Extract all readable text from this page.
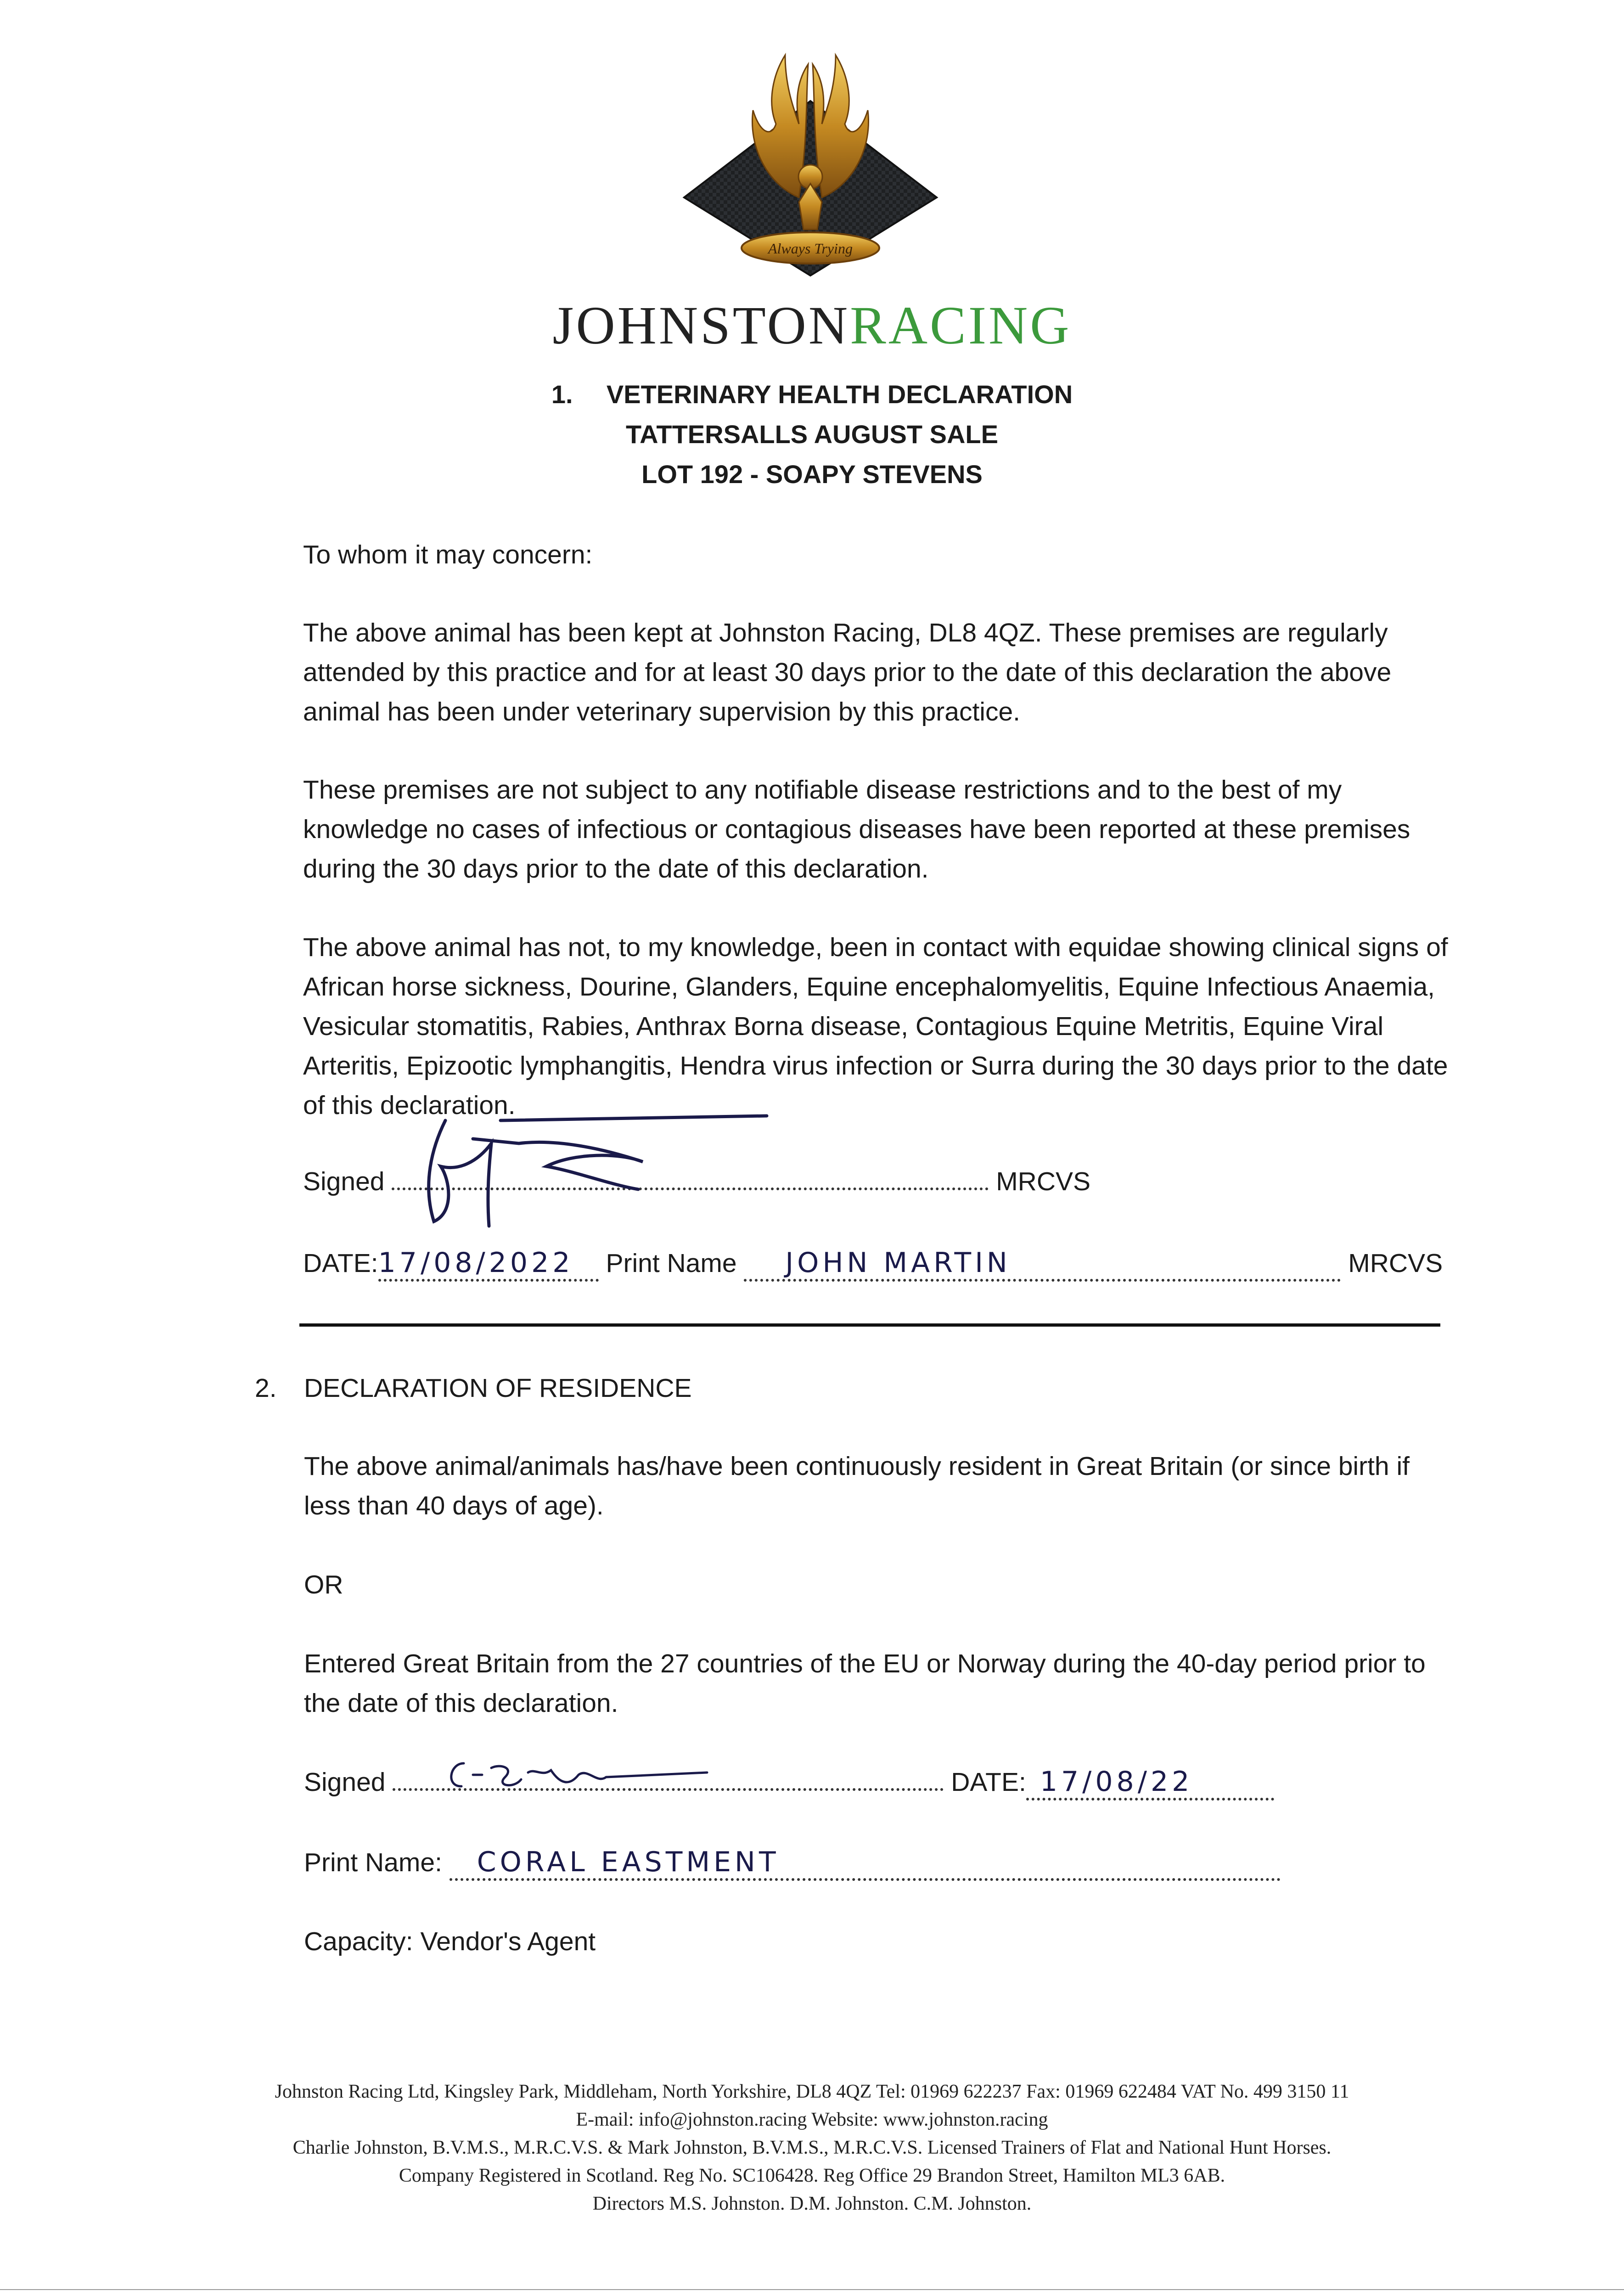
Always Trying
JOHNSTONRACING
1. VETERINARY HEALTH DECLARATION
TATTERSALLS AUGUST SALE
LOT 192 - SOAPY STEVENS
To whom it may concern:
The above animal has been kept at Johnston Racing, DL8 4QZ. These premises are regularly attended by this practice and for at least 30 days prior to the date of this declaration the above animal has been under veterinary supervision by this practice.
These premises are not subject to any notifiable disease restrictions and to the best of my knowledge no cases of infectious or contagious diseases have been reported at these premises during the 30 days prior to the date of this declaration.
The above animal has not, to my knowledge, been in contact with equidae showing clinical signs of African horse sickness, Dourine, Glanders, Equine encephalomyelitis, Equine Infectious Anaemia, Vesicular stomatitis, Rabies, Anthrax Borna disease, Contagious Equine Metritis, Equine Viral Arteritis, Epizootic lymphangitis, Hendra virus infection or Surra during the 30 days prior to the date of this declaration.
Signed	MRCVS
DATE:17/08/2022 Print Name JOHN MARTIN	MRCVS
2. DECLARATION OF RESIDENCE
The above animal/animals has/have been continuously resident in Great Britain (or since birth if less than 40 days of age).
OR
Entered Great Britain from the 27 countries of the EU or Norway during the 40-day period prior to the date of this declaration.
Signed	DATE: 17/08/22
Print Name: CORAL EASTMENT
Capacity: Vendor's Agent
Johnston Racing Ltd, Kingsley Park, Middleham, North Yorkshire, DL8 4QZ Tel: 01969 622237 Fax: 01969 622484 VAT No. 499 3150 11
E-mail: info@johnston.racing Website: www.johnston.racing
Charlie Johnston, B.V.M.S., M.R.C.V.S. & Mark Johnston, B.V.M.S., M.R.C.V.S. Licensed Trainers of Flat and National Hunt Horses.
Company Registered in Scotland. Reg No. SC106428. Reg Office 29 Brandon Street, Hamilton ML3 6AB.
Directors M.S. Johnston. D.M. Johnston. C.M. Johnston.
